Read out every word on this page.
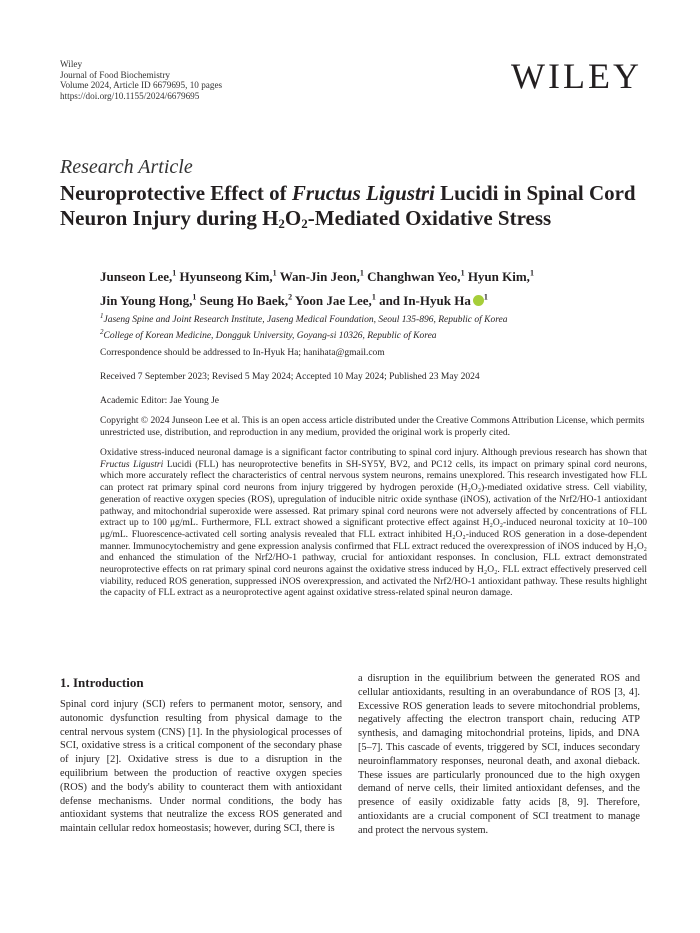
Wiley
Journal of Food Biochemistry
Volume 2024, Article ID 6679695, 10 pages
https://doi.org/10.1155/2024/6679695	WILEY
Research Article
Neuroprotective Effect of Fructus Ligustri Lucidi in Spinal Cord Neuron Injury during $H_2O_2$-Mediated Oxidative Stress
Junseon Lee,$^1$ Hyunseong Kim,$^1$ Wan-Jin Jeon,$^1$ Changhwan Yeo,$^1$ Hyun Kim,$^1$
Jin Young Hong,$^1$ Seung Ho Baek,$^2$ Yoon Jae Lee,$^1$ and In-Hyuk Ha $^1$
$^1$Jaseng Spine and Joint Research Institute, Jaseng Medical Foundation, Seoul 135-896, Republic of Korea
$^2$College of Korean Medicine, Dongguk University, Goyang-si 10326, Republic of Korea
Correspondence should be addressed to In-Hyuk Ha; hanihata@gmail.com
Received 7 September 2023; Revised 5 May 2024; Accepted 10 May 2024; Published 23 May 2024
Academic Editor: Jae Young Je
Copyright © 2024 Junseon Lee et al. This is an open access article distributed under the Creative Commons Attribution License, which permits unrestricted use, distribution, and reproduction in any medium, provided the original work is properly cited.
Oxidative stress-induced neuronal damage is a significant factor contributing to spinal cord injury. Although previous research has shown that Fructus Ligustri Lucidi (FLL) has neuroprotective benefits in SH-SY5Y, BV2, and PC12 cells, its impact on primary spinal cord neurons, which more accurately reflect the characteristics of central nervous system neurons, remains unexplored. This research investigated how FLL can protect rat primary spinal cord neurons from injury triggered by hydrogen peroxide (H₂O₂)-mediated oxidative stress. Cell viability, generation of reactive oxygen species (ROS), upregulation of inducible nitric oxide synthase (iNOS), activation of the Nrf2/HO-1 antioxidant pathway, and mitochondrial superoxide were assessed. Rat primary spinal cord neurons were not adversely affected by concentrations of FLL extract up to 100 μg/mL. Furthermore, FLL extract showed a significant protective effect against H₂O₂-induced neuronal toxicity at 10–100 μg/mL. Fluorescence-activated cell sorting analysis revealed that FLL extract inhibited H₂O₂-induced ROS generation in a dose-dependent manner. Immunocytochemistry and gene expression analysis confirmed that FLL extract reduced the overexpression of iNOS induced by H₂O₂ and enhanced the stimulation of the Nrf2/HO-1 pathway, crucial for antioxidant responses. In conclusion, FLL extract demonstrated neuroprotective effects on rat primary spinal cord neurons against the oxidative stress induced by H₂O₂. FLL extract effectively preserved cell viability, reduced ROS generation, suppressed iNOS overexpression, and activated the Nrf2/HO-1 antioxidant pathway. These results highlight the capacity of FLL extract as a neuroprotective agent against oxidative stress-related spinal neuron damage.
1. Introduction
Spinal cord injury (SCI) refers to permanent motor, sensory, and autonomic dysfunction resulting from physical damage to the central nervous system (CNS) [1]. In the physiological processes of SCI, oxidative stress is a critical component of the secondary phase of injury [2]. Oxidative stress is due to a disruption in the equilibrium between the production of reactive oxygen species (ROS) and the body's ability to counteract them with antioxidant defense mechanisms. Under normal conditions, the body has antioxidant systems that neutralize the excess ROS generated and maintain cellular redox homeostasis; however, during SCI, there is
a disruption in the equilibrium between the generated ROS and cellular antioxidants, resulting in an overabundance of ROS [3, 4]. Excessive ROS generation leads to severe mitochondrial problems, negatively affecting the electron transport chain, reducing ATP synthesis, and damaging mitochondrial proteins, lipids, and DNA [5–7]. This cascade of events, triggered by SCI, induces secondary neuroinflammatory responses, neuronal death, and axonal dieback. These issues are particularly pronounced due to the high oxygen demand of nerve cells, their limited antioxidant defenses, and the presence of easily oxidizable fatty acids [8, 9]. Therefore, antioxidants are a crucial component of SCI treatment to manage and protect the nervous system.
